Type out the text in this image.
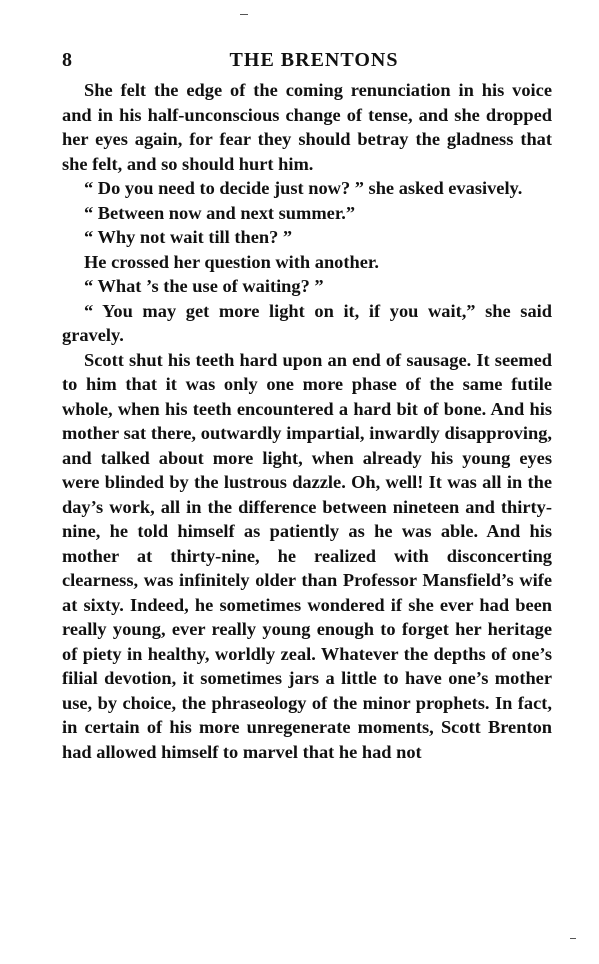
8	THE BRENTONS

She felt the edge of the coming renunciation in his voice and in his half-unconscious change of tense, and she dropped her eyes again, for fear they should betray the gladness that she felt, and so should hurt him.

“ Do you need to decide just now? ” she asked evasively.

“ Between now and next summer.”

“ Why not wait till then? ”

He crossed her question with another.

“ What ’s the use of waiting? ”

“ You may get more light on it, if you wait,” she said gravely.

Scott shut his teeth hard upon an end of sausage. It seemed to him that it was only one more phase of the same futile whole, when his teeth encountered a hard bit of bone. And his mother sat there, outwardly impartial, inwardly disapproving, and talked about more light, when already his young eyes were blinded by the lustrous dazzle. Oh, well! It was all in the day’s work, all in the difference between nineteen and thirty-nine, he told himself as patiently as he was able. And his mother at thirty-nine, he realized with disconcerting clearness, was infinitely older than Professor Mansfield’s wife at sixty. Indeed, he sometimes wondered if she ever had been really young, ever really young enough to forget her heritage of piety in healthy, worldly zeal. Whatever the depths of one’s filial devotion, it sometimes jars a little to have one’s mother use, by choice, the phraseology of the minor prophets. In fact, in certain of his more unregenerate moments, Scott Brenton had allowed himself to marvel that he had not
